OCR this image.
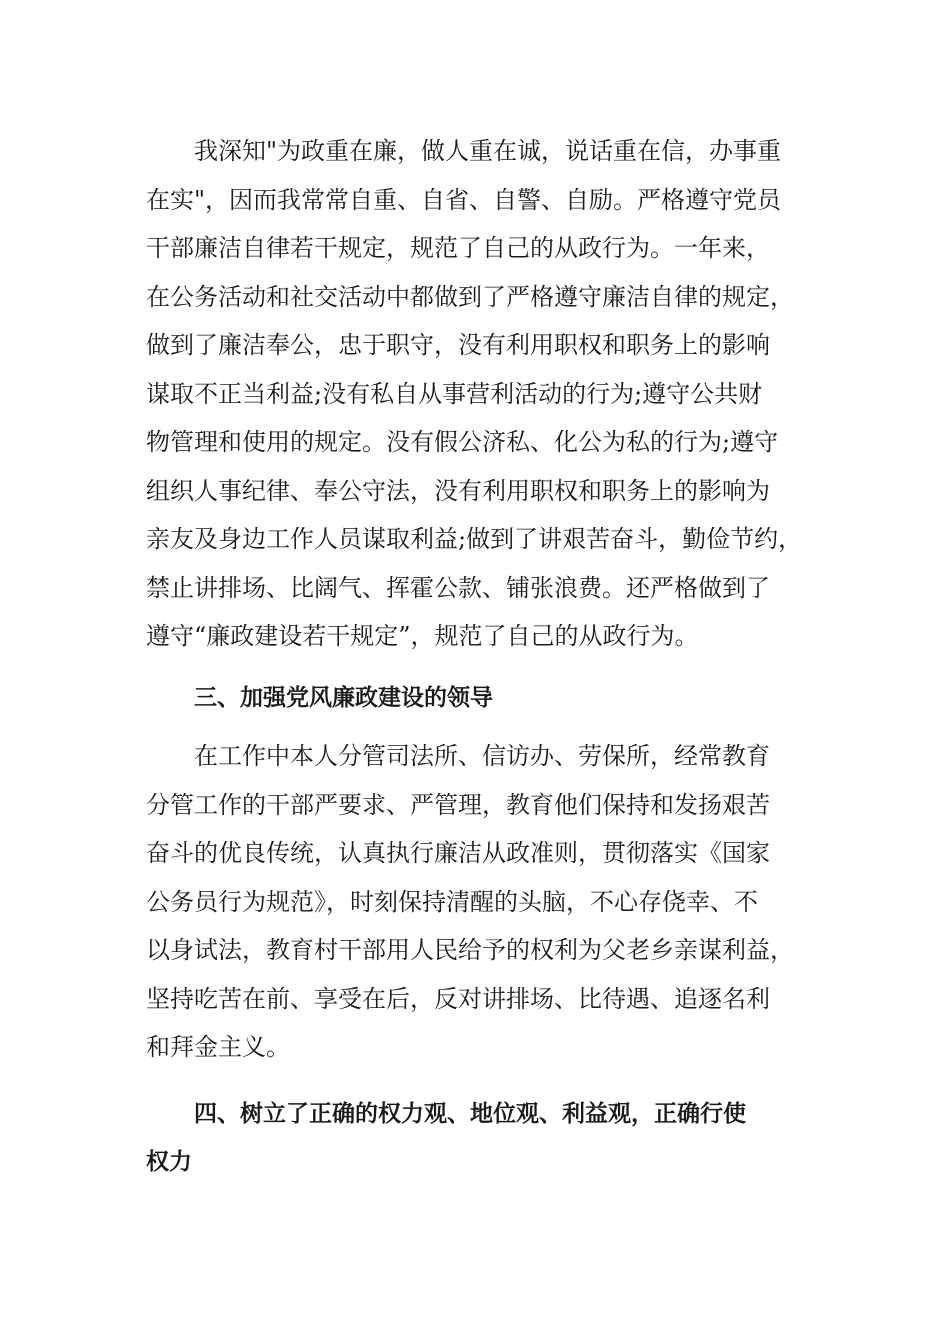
我深知"为政重在廉，做人重在诚，说话重在信，办事重
在实"，因而我常常自重、自省、自警、自励。严格遵守党员
干部廉洁自律若干规定，规范了自己的从政行为。一年来，
在公务活动和社交活动中都做到了严格遵守廉洁自律的规定，
做到了廉洁奉公，忠于职守，没有利用职权和职务上的影响
谋取不正当利益;没有私自从事营利活动的行为;遵守公共财
物管理和使用的规定。没有假公济私、化公为私的行为;遵守
组织人事纪律、奉公守法，没有利用职权和职务上的影响为
亲友及身边工作人员谋取利益;做到了讲艰苦奋斗，勤俭节约，
禁止讲排场、比阔气、挥霍公款、铺张浪费。还严格做到了
遵守“廉政建设若干规定”，规范了自己的从政行为。
三、加强党风廉政建设的领导
在工作中本人分管司法所、信访办、劳保所，经常教育
分管工作的干部严要求、严管理，教育他们保持和发扬艰苦
奋斗的优良传统，认真执行廉洁从政准则，贯彻落实《国家
公务员行为规范》，时刻保持清醒的头脑，不心存侥幸、不
以身试法，教育村干部用人民给予的权利为父老乡亲谋利益，
坚持吃苦在前、享受在后，反对讲排场、比待遇、追逐名利
和拜金主义。
四、树立了正确的权力观、地位观、利益观，正确行使
权力
